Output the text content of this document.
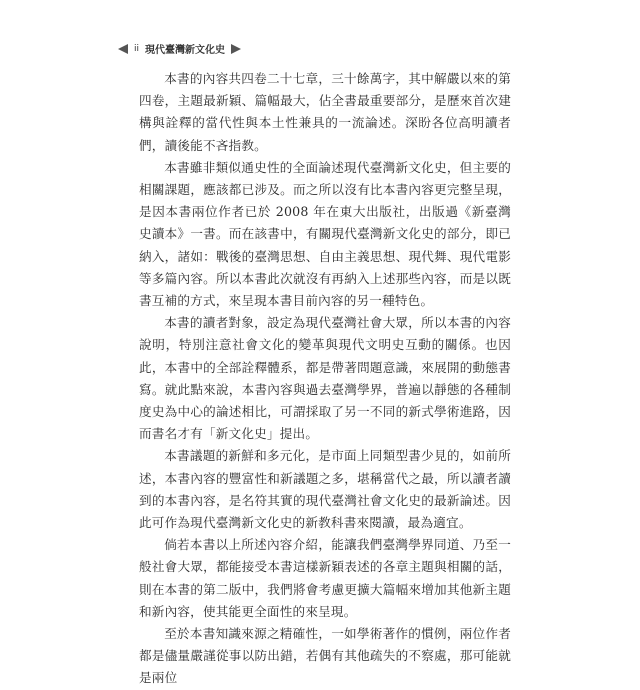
ii 現代臺灣新文化史

本書的內容共四卷二十七章，三十餘萬字，其中解嚴以來的第四卷，主題最新穎、篇幅最大，佔全書最重要部分，是歷來首次建構與詮釋的當代性與本土性兼具的一流論述。深盼各位高明讀者們，讀後能不吝指教。

本書雖非類似通史性的全面論述現代臺灣新文化史，但主要的相關課題，應該都已涉及。而之所以沒有比本書內容更完整呈現，是因本書兩位作者已於 2008 年在東大出版社，出版過《新臺灣史讀本》一書。而在該書中，有關現代臺灣新文化史的部分，即已納入，諸如：戰後的臺灣思想、自由主義思想、現代舞、現代電影等多篇內容。所以本書此次就沒有再納入上述那些內容，而是以既書互補的方式，來呈現本書目前內容的另一種特色。

本書的讀者對象，設定為現代臺灣社會大眾，所以本書的內容說明，特別注意社會文化的變革與現代文明史互動的關係。也因此，本書中的全部詮釋體系，都是帶著問題意識，來展開的動態書寫。就此點來說，本書內容與過去臺灣學界，普遍以靜態的各種制度史為中心的論述相比，可謂採取了另一不同的新式學術進路，因而書名才有「新文化史」提出。

本書議題的新鮮和多元化，是市面上同類型書少見的，如前所述，本書內容的豐富性和新議題之多，堪稱當代之最，所以讀者讀到的本書內容，是名符其實的現代臺灣社會文化史的最新論述。因此可作為現代臺灣新文化史的新教科書來閱讀，最為適宜。

倘若本書以上所述內容介紹，能讓我們臺灣學界同道、乃至一般社會大眾，都能接受本書這樣新穎表述的各章主題與相關的話，則在本書的第二版中，我們將會考慮更擴大篇幅來增加其他新主題和新內容，使其能更全面性的來呈現。

至於本書知識來源之精確性，一如學術著作的慣例，兩位作者都是儘量嚴謹從事以防出錯，若偶有其他疏失的不察處，那可能就是兩位
